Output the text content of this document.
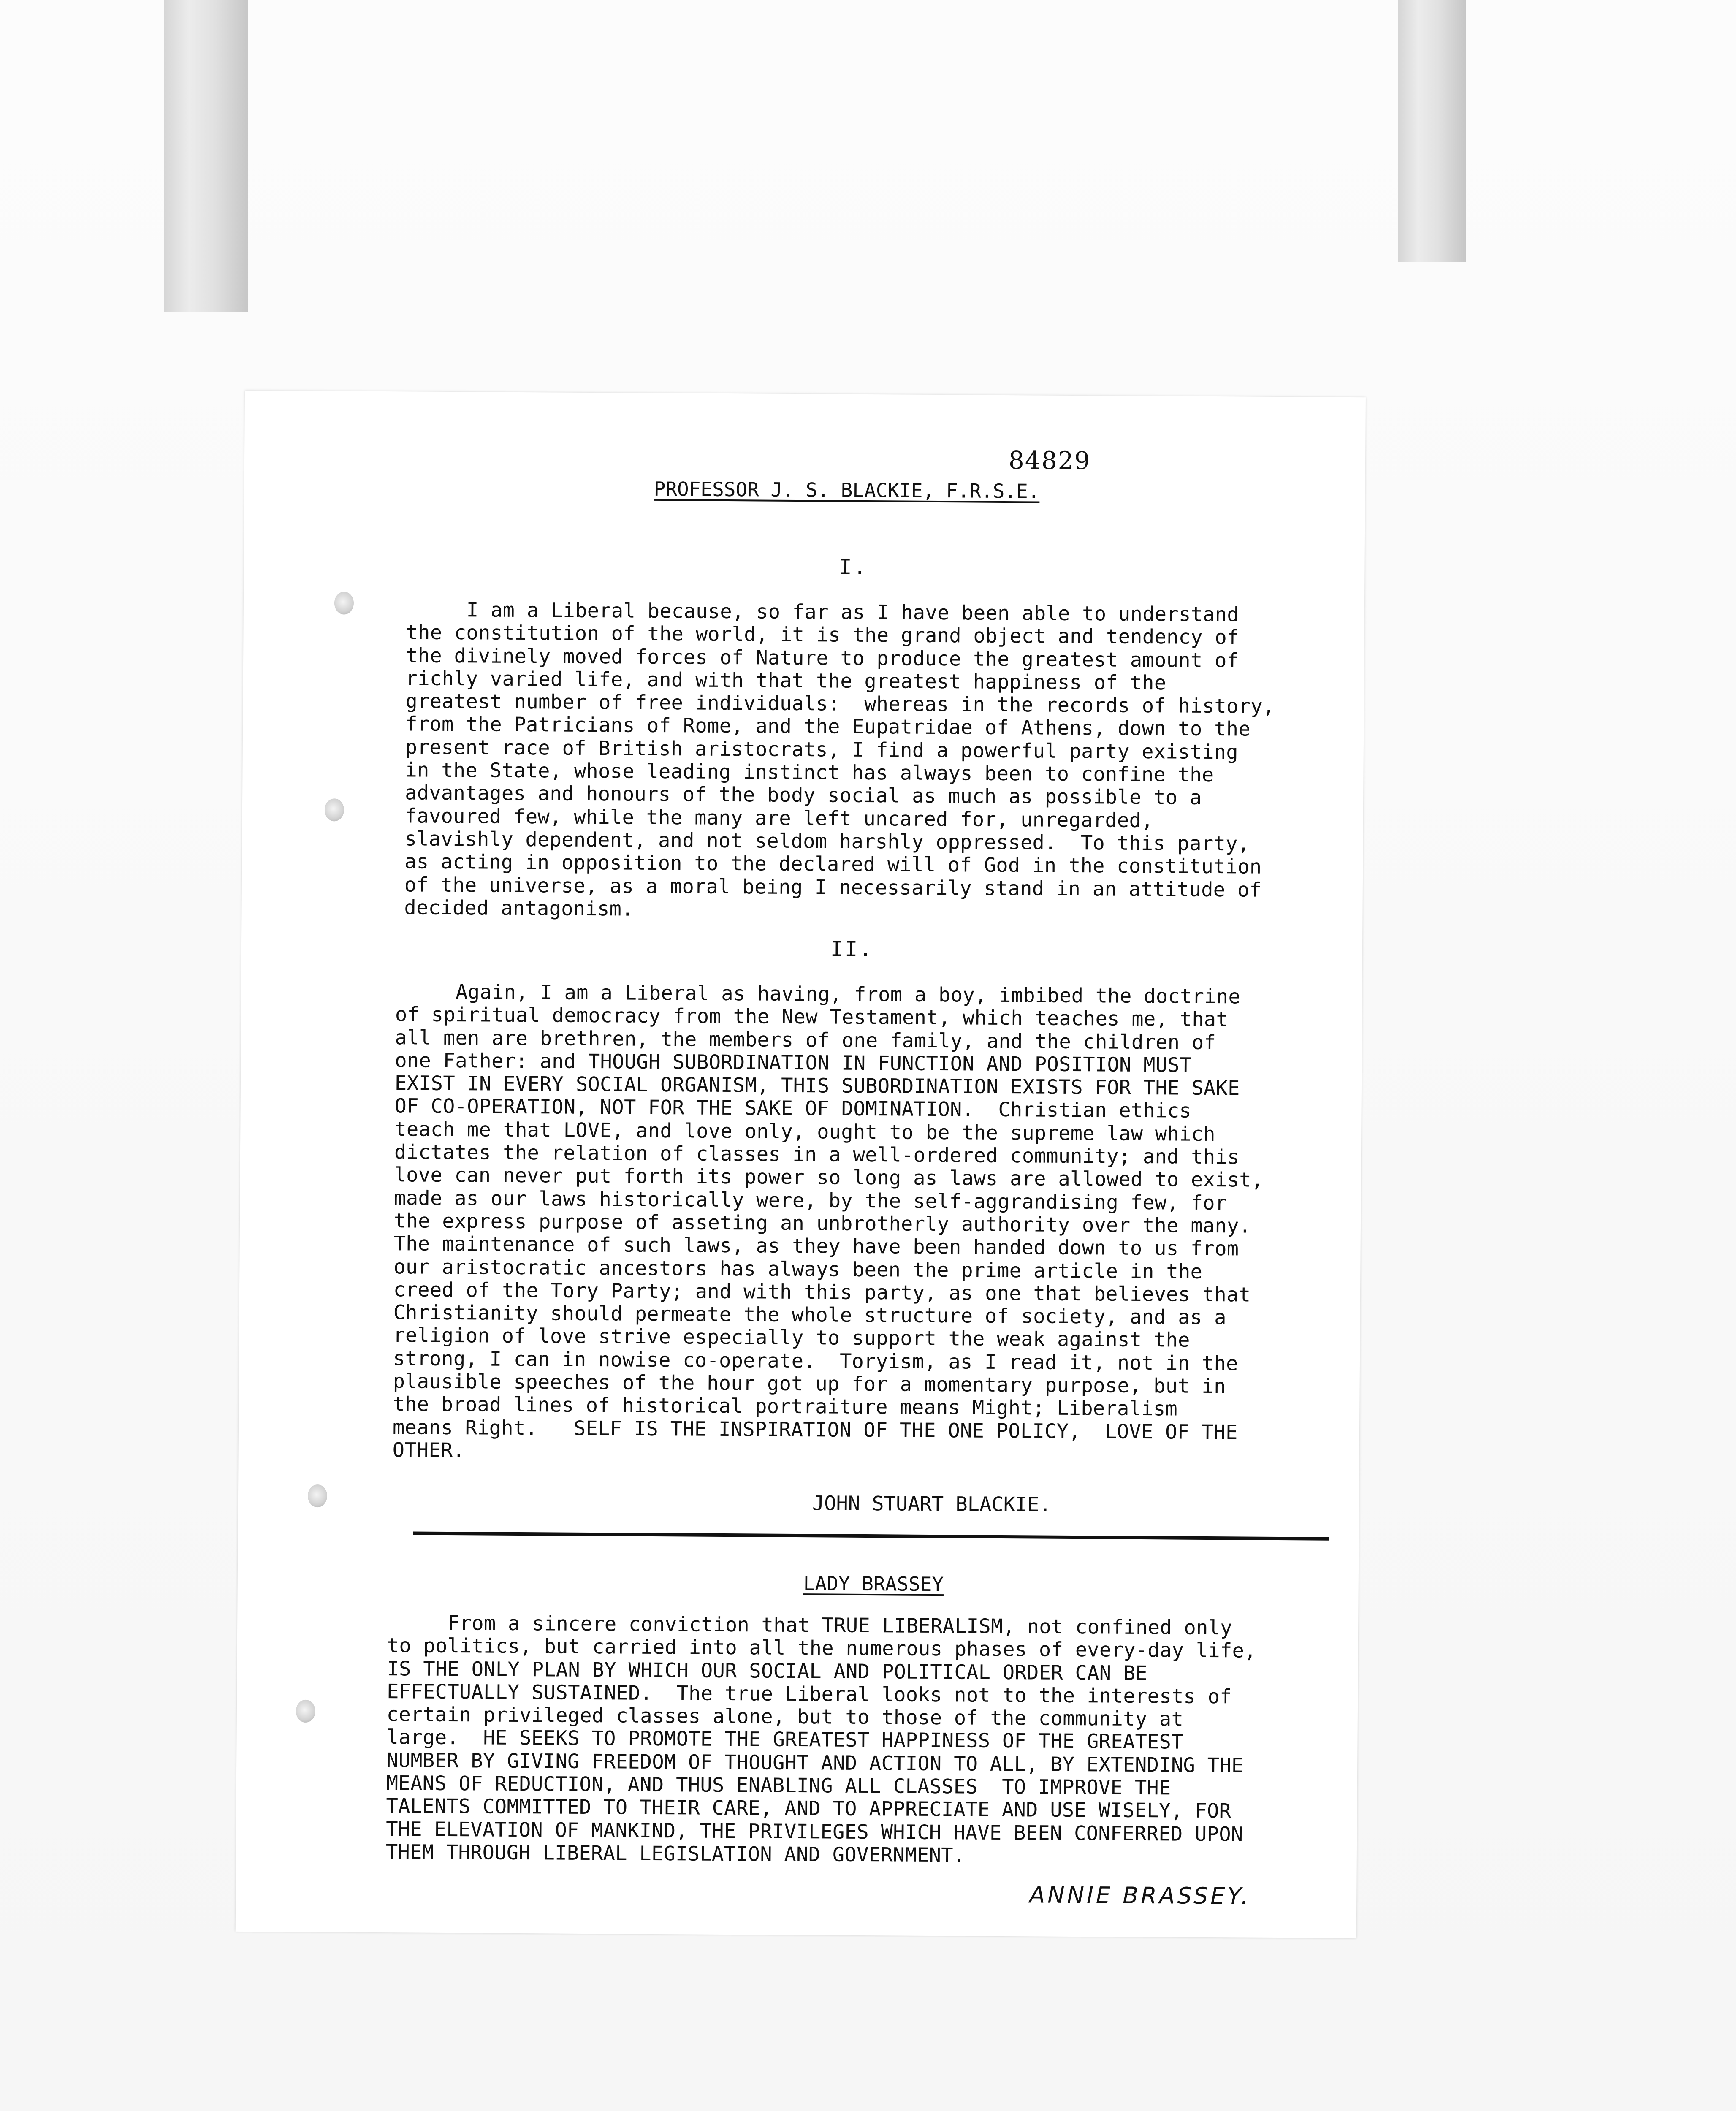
84829
PROFESSOR J. S. BLACKIE, F.R.S.E.
I.
I am a Liberal because, so far as I have been able to understand
the constitution of the world, it is the grand object and tendency of
the divinely moved forces of Nature to produce the greatest amount of
richly varied life, and with that the greatest happiness of the
greatest number of free individuals:  whereas in the records of history,
from the Patricians of Rome, and the Eupatridae of Athens, down to the
present race of British aristocrats, I find a powerful party existing
in the State, whose leading instinct has always been to confine the
advantages and honours of the body social as much as possible to a
favoured few, while the many are left uncared for, unregarded,
slavishly dependent, and not seldom harshly oppressed.  To this party,
as acting in opposition to the declared will of God in the constitution
of the universe, as a moral being I necessarily stand in an attitude of
decided antagonism.
II.
Again, I am a Liberal as having, from a boy, imbibed the doctrine
of spiritual democracy from the New Testament, which teaches me, that
all men are brethren, the members of one family, and the children of
one Father: and THOUGH SUBORDINATION IN FUNCTION AND POSITION MUST
EXIST IN EVERY SOCIAL ORGANISM, THIS SUBORDINATION EXISTS FOR THE SAKE
OF CO-OPERATION, NOT FOR THE SAKE OF DOMINATION.  Christian ethics
teach me that LOVE, and love only, ought to be the supreme law which
dictates the relation of classes in a well-ordered community; and this
love can never put forth its power so long as laws are allowed to exist,
made as our laws historically were, by the self-aggrandising few, for
the express purpose of asseting an unbrotherly authority over the many.
The maintenance of such laws, as they have been handed down to us from
our aristocratic ancestors has always been the prime article in the
creed of the Tory Party; and with this party, as one that believes that
Christianity should permeate the whole structure of society, and as a
religion of love strive especially to support the weak against the
strong, I can in nowise co-operate.  Toryism, as I read it, not in the
plausible speeches of the hour got up for a momentary purpose, but in
the broad lines of historical portraiture means Might; Liberalism
means Right.   SELF IS THE INSPIRATION OF THE ONE POLICY,  LOVE OF THE
OTHER.
JOHN STUART BLACKIE.
LADY BRASSEY
From a sincere conviction that TRUE LIBERALISM, not confined only
to politics, but carried into all the numerous phases of every-day life,
IS THE ONLY PLAN BY WHICH OUR SOCIAL AND POLITICAL ORDER CAN BE
EFFECTUALLY SUSTAINED.  The true Liberal looks not to the interests of
certain privileged classes alone, but to those of the community at
large.  HE SEEKS TO PROMOTE THE GREATEST HAPPINESS OF THE GREATEST
NUMBER BY GIVING FREEDOM OF THOUGHT AND ACTION TO ALL, BY EXTENDING THE
MEANS OF REDUCTION, AND THUS ENABLING ALL CLASSES  TO IMPROVE THE
TALENTS COMMITTED TO THEIR CARE, AND TO APPRECIATE AND USE WISELY, FOR
THE ELEVATION OF MANKIND, THE PRIVILEGES WHICH HAVE BEEN CONFERRED UPON
THEM THROUGH LIBERAL LEGISLATION AND GOVERNMENT.
ANNIE BRASSEY.
